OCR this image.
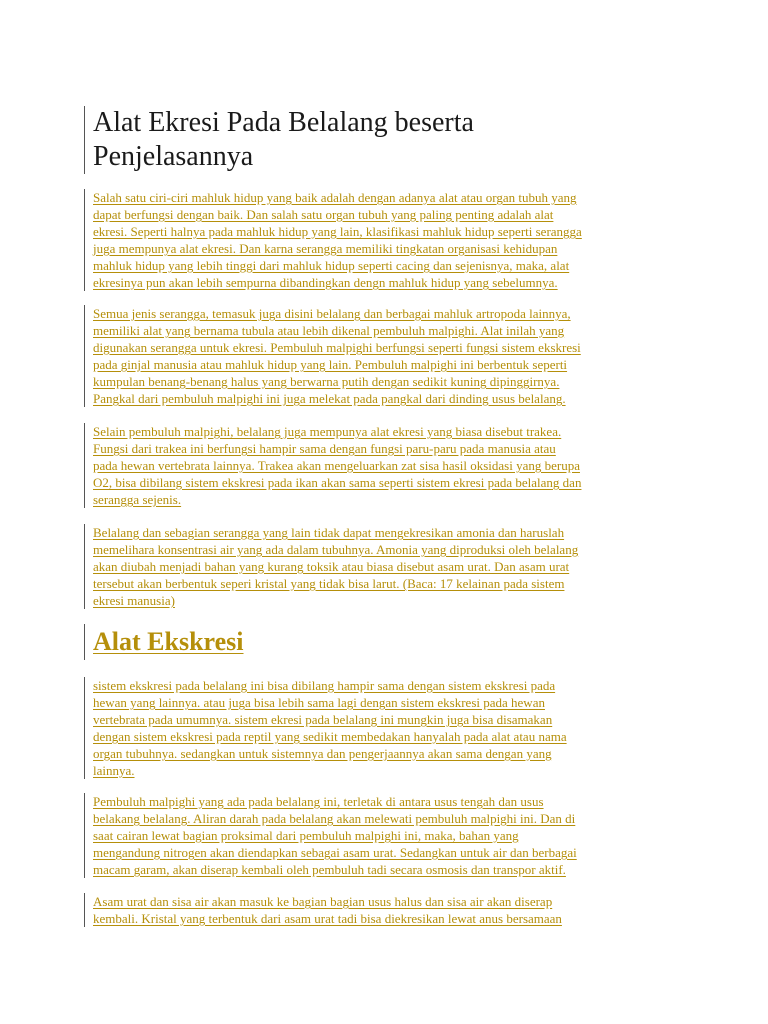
Alat Ekresi Pada Belalang beserta
Penjelasannya

Salah satu ciri-ciri mahluk hidup yang baik adalah dengan adanya alat atau organ tubuh yang
dapat berfungsi dengan baik. Dan salah satu organ tubuh yang paling penting adalah alat
ekresi. Seperti halnya pada mahluk hidup yang lain, klasifikasi mahluk hidup seperti serangga
juga mempunya alat ekresi. Dan karna serangga memiliki tingkatan organisasi kehidupan
mahluk hidup yang lebih tinggi dari mahluk hidup seperti cacing dan sejenisnya, maka, alat
ekresinya pun akan lebih sempurna dibandingkan dengn mahluk hidup yang sebelumnya.

Semua jenis serangga, temasuk juga disini belalang dan berbagai mahluk artropoda lainnya,
memiliki alat yang bernama tubula atau lebih dikenal pembuluh malpighi. Alat inilah yang
digunakan serangga untuk ekresi. Pembuluh malpighi berfungsi seperti fungsi sistem ekskresi
pada ginjal manusia atau mahluk hidup yang lain. Pembuluh malpighi ini berbentuk seperti
kumpulan benang-benang halus yang berwarna putih dengan sedikit kuning dipinggirnya.
Pangkal dari pembuluh malpighi ini juga melekat pada pangkal dari dinding usus belalang.

Selain pembuluh malpighi, belalang juga mempunya alat ekresi yang biasa disebut trakea.
Fungsi dari trakea ini berfungsi hampir sama dengan fungsi paru-paru pada manusia atau
pada hewan vertebrata lainnya. Trakea akan mengeluarkan zat sisa hasil oksidasi yang berupa
O2, bisa dibilang sistem ekskresi pada ikan akan sama seperti sistem ekresi pada belalang dan
serangga sejenis.

Belalang dan sebagian serangga yang lain tidak dapat mengekresikan amonia dan haruslah
memelihara konsentrasi air yang ada dalam tubuhnya. Amonia yang diproduksi oleh belalang
akan diubah menjadi bahan yang kurang toksik atau biasa disebut asam urat. Dan asam urat
tersebut akan berbentuk seperi kristal yang tidak bisa larut. (Baca: 17 kelainan pada sistem
ekresi manusia)

Alat Ekskresi

sistem ekskresi pada belalang ini bisa dibilang hampir sama dengan sistem ekskresi pada
hewan yang lainnya. atau juga bisa lebih sama lagi dengan sistem ekskresi pada hewan
vertebrata pada umumnya. sistem ekresi pada belalang ini mungkin juga bisa disamakan
dengan sistem ekskresi pada reptil yang sedikit membedakan hanyalah pada alat atau nama
organ tubuhnya. sedangkan untuk sistemnya dan pengerjaannya akan sama dengan yang
lainnya.

Pembuluh malpighi yang ada pada belalang ini, terletak di antara usus tengah dan usus
belakang belalang. Aliran darah pada belalang akan melewati pembuluh malpighi ini. Dan di
saat cairan lewat bagian proksimal dari pembuluh malpighi ini, maka, bahan yang
mengandung nitrogen akan diendapkan sebagai asam urat. Sedangkan untuk air dan berbagai
macam garam, akan diserap kembali oleh pembuluh tadi secara osmosis dan transpor aktif.

Asam urat dan sisa air akan masuk ke bagian bagian usus halus dan sisa air akan diserap
kembali. Kristal yang terbentuk dari asam urat tadi bisa diekresikan lewat anus bersamaan
